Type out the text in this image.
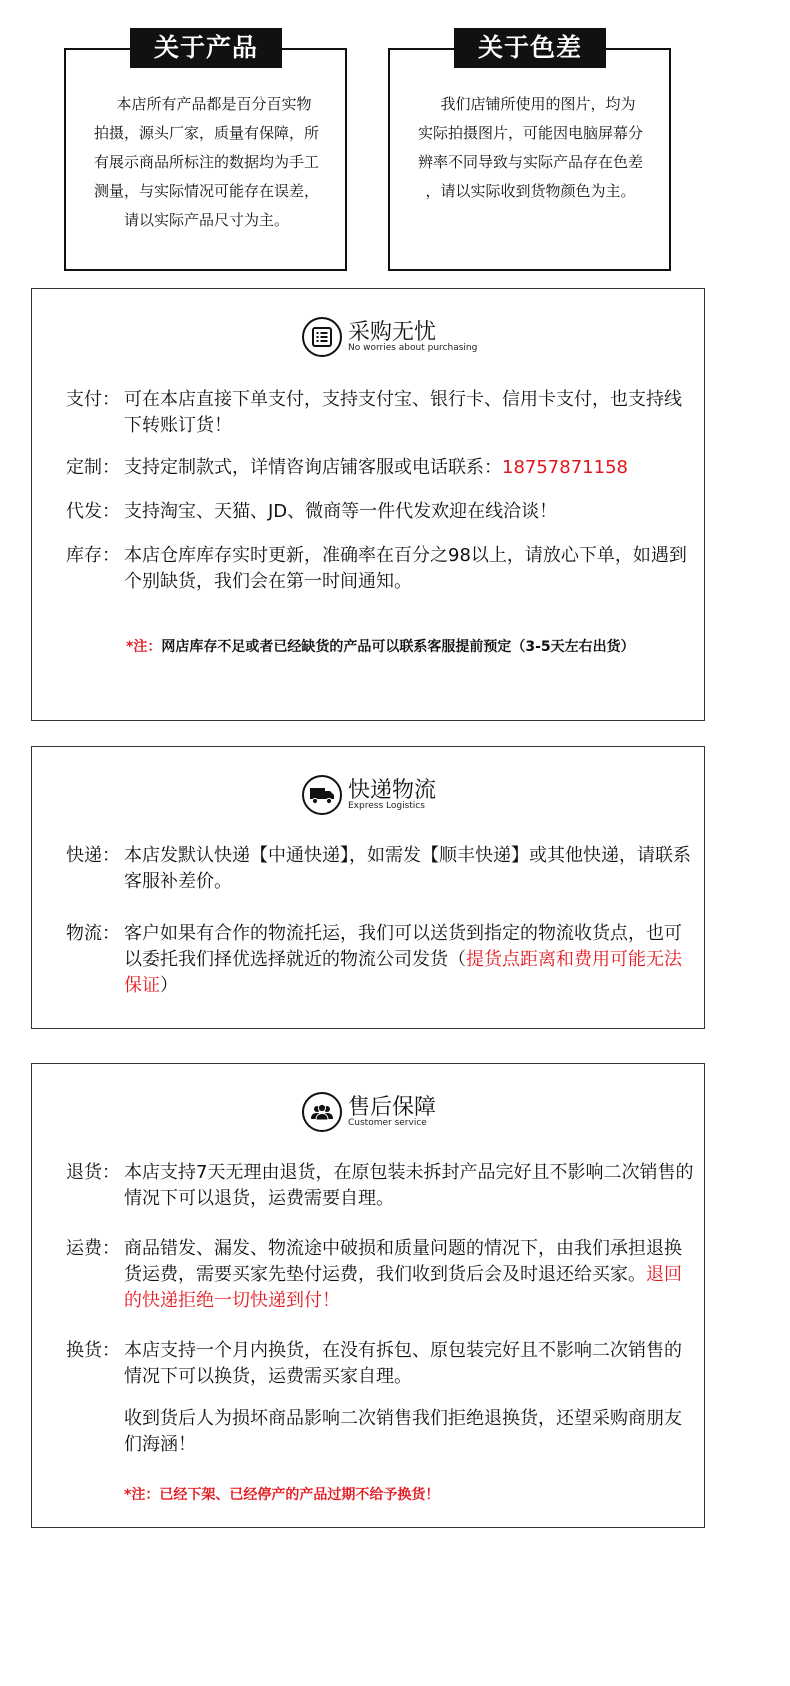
关于产品

本店所有产品都是百分百实物

拍摄，源头厂家，质量有保障，所

有展示商品所标注的数据均为手工

测量，与实际情况可能存在误差，

请以实际产品尺寸为主。

关于色差

我们店铺所使用的图片，均为

实际拍摄图片，可能因电脑屏幕分

辨率不同导致与实际产品存在色差

，请以实际收到货物颜色为主。

采购无忧
No worries about purchasing
支付： 可在本店直接下单支付，支持支付宝、银行卡、信用卡支付，也支持线下转账订货！
定制： 支持定制款式，详情咨询店铺客服或电话联系：18757871158
代发： 支持淘宝、天猫、JD、微商等一件代发欢迎在线洽谈！
库存： 本店仓库库存实时更新，准确率在百分之98以上，请放心下单，如遇到个别缺货，我们会在第一时间通知。
*注：网店库存不足或者已经缺货的产品可以联系客服提前预定（3-5天左右出货）
快递物流
Express Logistics
快递： 本店发默认快递【中通快递】，如需发【顺丰快递】或其他快递，请联系客服补差价。
物流： 客户如果有合作的物流托运，我们可以送货到指定的物流收货点，也可以委托我们择优选择就近的物流公司发货（提货点距离和费用可能无法保证）
售后保障
Customer service
退货： 本店支持7天无理由退货，在原包装未拆封产品完好且不影响二次销售的情况下可以退货，运费需要自理。
运费： 商品错发、漏发、物流途中破损和质量问题的情况下，由我们承担退换货运费，需要买家先垫付运费，我们收到货后会及时退还给买家。退回的快递拒绝一切快递到付！
换货： 本店支持一个月内换货，在没有拆包、原包装完好且不影响二次销售的情况下可以换货，运费需买家自理。
收到货后人为损坏商品影响二次销售我们拒绝退换货，还望采购商朋友们海涵！
*注：已经下架、已经停产的产品过期不给予换货！
